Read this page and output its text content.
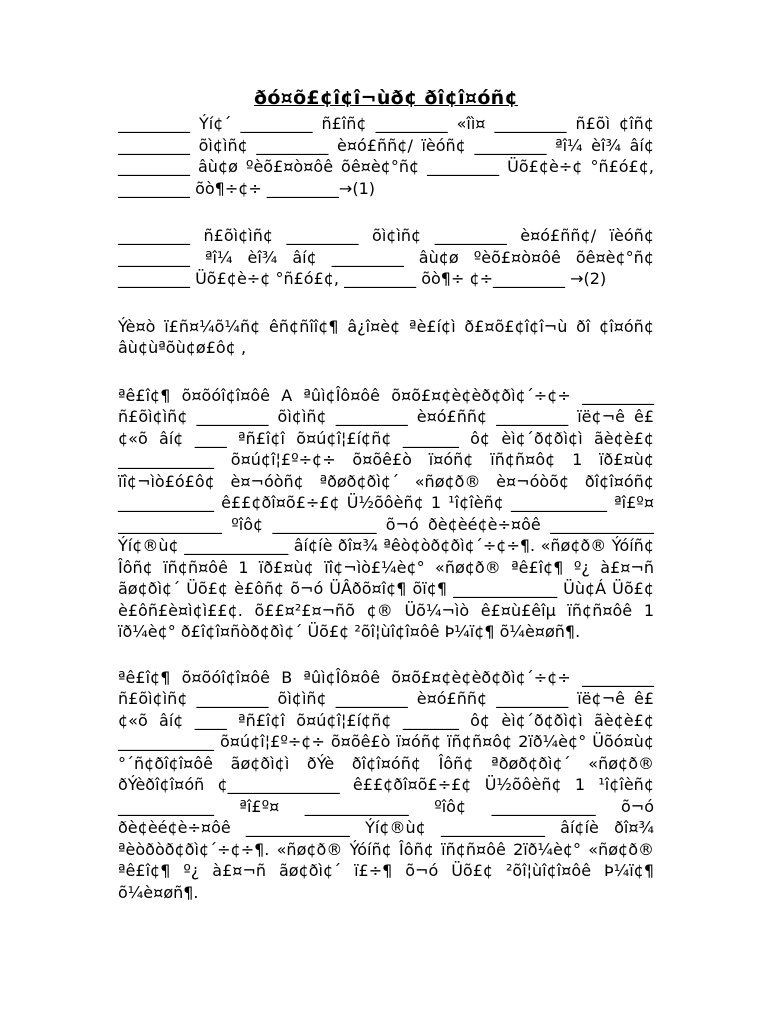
ðó¤õ£¢î¢î¬ùð¢ ðî¢î¤óñ¢

_________ Ýí¢´ _________ ñ£îñ¢ _________ «îì¤ _________ ñ£õì ¢îñ¢ _________ õì¢ìñ¢ _________ è¤ó£ññ¢/ ïèóñ¢ _________ ªî¼ èî¾ âí¢ _________ âù¢ø ºèõ£¤ò¤ôê õê¤è¢°ñ¢ _________ Üõ£¢è÷¢ °ñ£ó£¢, _________ õò¶÷¢÷ _________→(1)

_________ ñ£õì¢ìñ¢ _________ õì¢ìñ¢ _________ è¤ó£ññ¢/ ïèóñ¢ _________ ªî¼ èî¾ âí¢ _________ âù¢ø ºèõ£¤ò¤ôê õê¤è¢°ñ¢ _________ Üõ£¢è÷¢ °ñ£ó£¢, _________ õò¶÷ ¢÷_________ →(2)

Ýè¤ò ï£ñ¤¼õ¼ñ¢ êñ¢ñîî¢¶ â¿î¤è¢ ªè£í¢ì ð£¤õ£¢î¢î¬ù ðî ¢î¤óñ¢ âù¢ùªõù¢ø£ô¢ ,

ªê£î¢¶ õ¤õóî¢î¤ôê A ªûì¢Îô¤ôê õ¤õ£¤¢è¢èð¢ðì¢´÷¢÷ _________ ñ£õì¢ìñ¢ _________ õì¢ìñ¢ _________ è¤ó£ññ¢ _________ ïë¢¬ê ê£¢«õ âí¢ ____ ªñ£î¢î õ¤ú¢î¦£í¢ñ¢ _______ ô¢ èì¢´ð¢ðì¢ì ãè¢è£¢ ____________ õ¤ú¢î¦£º÷¢÷ õ¤õê£ò ï¤óñ¢ ïñ¢ñ¤ô¢ 1 ïð£¤ù¢ ïî¢¬ìò£ó£ô¢ è¤¬óòñ¢ ªðøð¢ðì¢´ «ñø¢ð® è¤¬óòõ¢ ðî¢î¤óñ¢ ____________ ê££¢ðî¤õ£÷£¢ Ü½õôèñ¢ 1 ¹î¢îèñ¢ ____________ ªî£º¤ _____________ ºîô¢ _____________ õ¬ó ðè¢èé¢è÷¤ôê _____________ Ýí¢®ù¢ _____________ âí¢íè ðî¤¾ ªêò¢òð¢ðì¢´÷¢÷¶. «ñø¢ð® Ýóíñ¢ Îôñ¢ ïñ¢ñ¤ôê 1 ïð£¤ù¢ ïî¢¬ìò£¼è¢° «ñø¢ð® ªê£î¢¶ º¿ à£¤¬ñ ãø¢ðì¢´ Üõ£¢ è£ôñ¢ õ¬ó ÜÂðõ¤î¢¶ õï¢¶ _____________ Üù¢Á Üõ£¢ è£ôñ£è¤ì¢ì££¢. õ££¤²£¤¬ñõ ¢® Üõ¼¬ìò ê£¤ù£êîµ ïñ¢ñ¤ôê 1 ïð¼è¢° ð£î¢î¤ñòð¢ðì¢´ Üõ£¢ ²õî¦ùî¢î¤ôê Þ¼ï¢¶ õ¼è¤øñ¶.

ªê£î¢¶ õ¤õóî¢î¤ôê B ªûì¢Îô¤ôê õ¤õ£¤¢è¢èð¢ðì¢´÷¢÷ _________ ñ£õì¢ìñ¢ _________ õì¢ìñ¢ _________ è¤ó£ññ¢ _________ ïë¢¬ê ê£¢«õ âí¢ ____ ªñ£î¢î õ¤ú¢î¦£í¢ñ¢ _______ ô¢ èì¢´ð¢ðì¢ì ãè¢è£¢ ____________ õ¤ú¢î¦£º÷¢÷ õ¤õê£ò ï¤óñ¢ ïñ¢ñ¤ô¢ 2ïð¼è¢° Üõó¤ù¢ °´ñ¢ðî¢î¤ôê ãø¢ðì¢ì ðÝè ðî¢î¤óñ¢ Îôñ¢ ªðøð¢ðì¢´ «ñø¢ð® ðÝèðî¢î¤óñ ¢______________ ê££¢ðî¤õ£÷£¢ Ü½õôèñ¢ 1 ¹î¢îèñ¢ ____________ ªî£º¤ _____________ ºîô¢ _____________ õ¬ó ðè¢èé¢è÷¤ôê _____________ Ýí¢®ù¢ _____________ âí¢íè ðî¤¾ ªèòðòð¢ðì¢´÷¢÷¶. «ñø¢ð® Ýóíñ¢ Îôñ¢ ïñ¢ñ¤ôê 2ïð¼è¢° «ñø¢ð® ªê£î¢¶ º¿ à£¤¬ñ ãø¢ðì¢´ ï£÷¶ õ¬ó Üõ£¢ ²õî¦ùî¢î¤ôê Þ¼ï¢¶ õ¼è¤øñ¶.
